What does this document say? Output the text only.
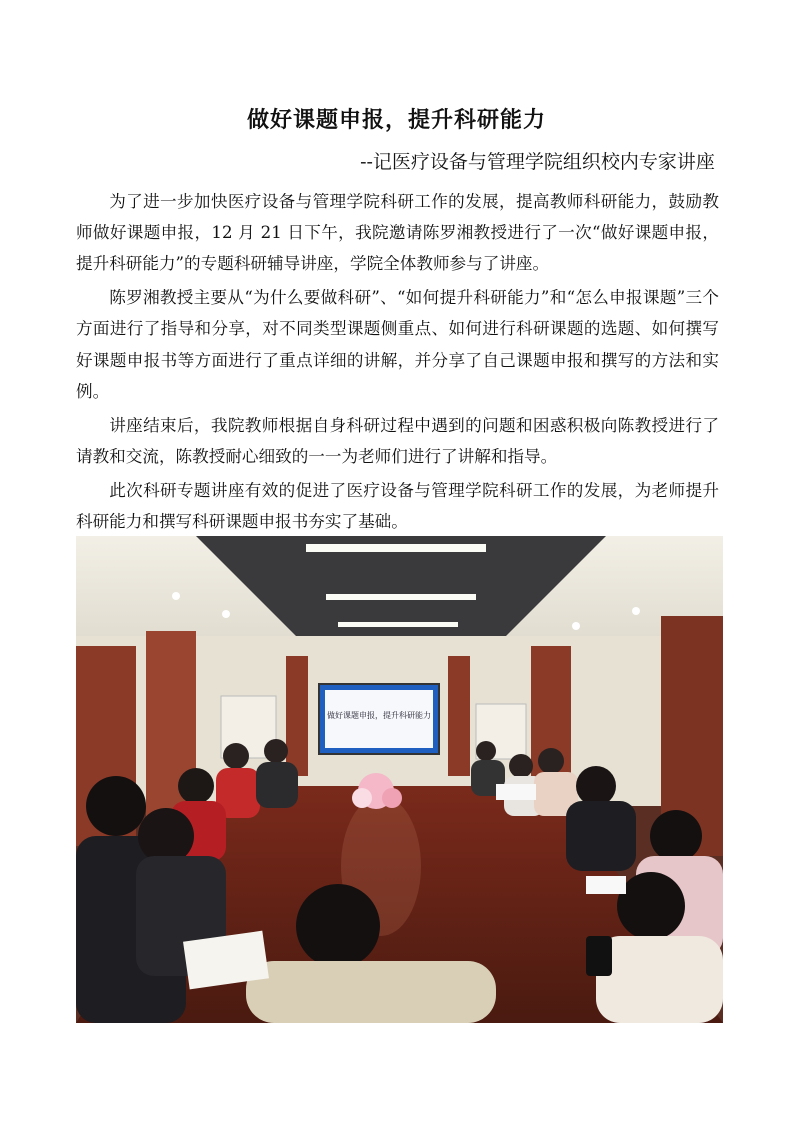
做好课题申报，提升科研能力
--记医疗设备与管理学院组织校内专家讲座

为了进一步加快医疗设备与管理学院科研工作的发展，提高教师科研能力，鼓励教师做好课题申报，12 月 21 日下午，我院邀请陈罗湘教授进行了一次“做好课题申报，提升科研能力”的专题科研辅导讲座，学院全体教师参与了讲座。

陈罗湘教授主要从“为什么要做科研”、“如何提升科研能力”和“怎么申报课题”三个方面进行了指导和分享，对不同类型课题侧重点、如何进行科研课题的选题、如何撰写好课题申报书等方面进行了重点详细的讲解，并分享了自己课题申报和撰写的方法和实例。

讲座结束后，我院教师根据自身科研过程中遇到的问题和困惑积极向陈教授进行了请教和交流，陈教授耐心细致的一一为老师们进行了讲解和指导。

此次科研专题讲座有效的促进了医疗设备与管理学院科研工作的发展，为老师提升科研能力和撰写科研课题申报书夯实了基础。

做好课题申报，提升科研能力
